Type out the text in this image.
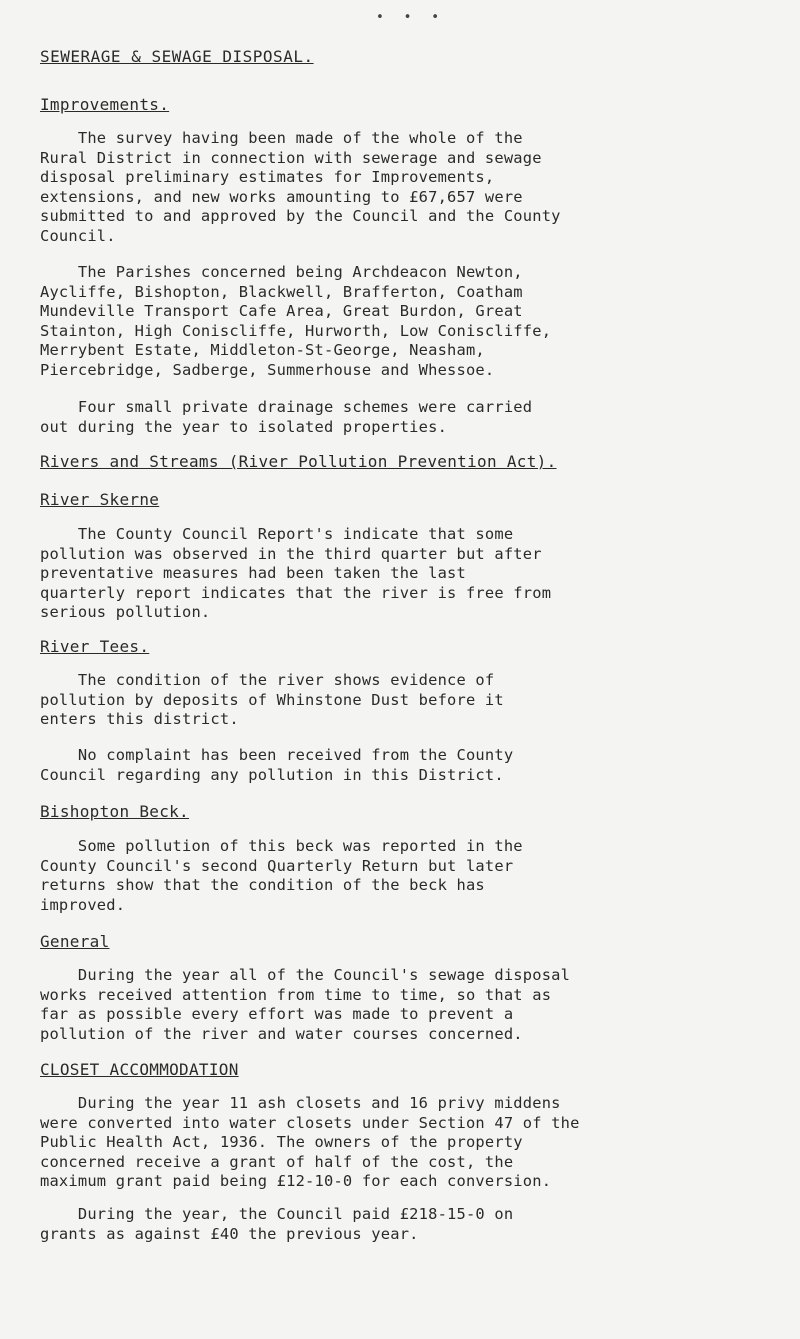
• • •
SEWERAGE & SEWAGE DISPOSAL.
Improvements.
The survey having been made of the whole of the
Rural District in connection with sewerage and sewage
disposal preliminary estimates for Improvements,
extensions, and new works amounting to £67,657 were
submitted to and approved by the Council and the County
Council.
The Parishes concerned being Archdeacon Newton,
Aycliffe, Bishopton, Blackwell, Brafferton, Coatham
Mundeville Transport Cafe Area, Great Burdon, Great
Stainton, High Coniscliffe, Hurworth, Low Coniscliffe,
Merrybent Estate, Middleton-St-George, Neasham,
Piercebridge, Sadberge, Summerhouse and Whessoe.
Four small private drainage schemes were carried
out during the year to isolated properties.
Rivers and Streams (River Pollution Prevention Act).
River Skerne
The County Council Report's indicate that some
pollution was observed in the third quarter but after
preventative measures had been taken the last
quarterly report indicates that the river is free from
serious pollution.
River Tees.
The condition of the river shows evidence of
pollution by deposits of Whinstone Dust before it
enters this district.
No complaint has been received from the County
Council regarding any pollution in this District.
Bishopton Beck.
Some pollution of this beck was reported in the
County Council's second Quarterly Return but later
returns show that the condition of the beck has
improved.
General
During the year all of the Council's sewage disposal
works received attention from time to time, so that as
far as possible every effort was made to prevent a
pollution of the river and water courses concerned.
CLOSET ACCOMMODATION
During the year 11 ash closets and 16 privy middens
were converted into water closets under Section 47 of the
Public Health Act, 1936. The owners of the property
concerned receive a grant of half of the cost, the
maximum grant paid being £12-10-0 for each conversion.
During the year, the Council paid £218-15-0 on
grants as against £40 the previous year.
